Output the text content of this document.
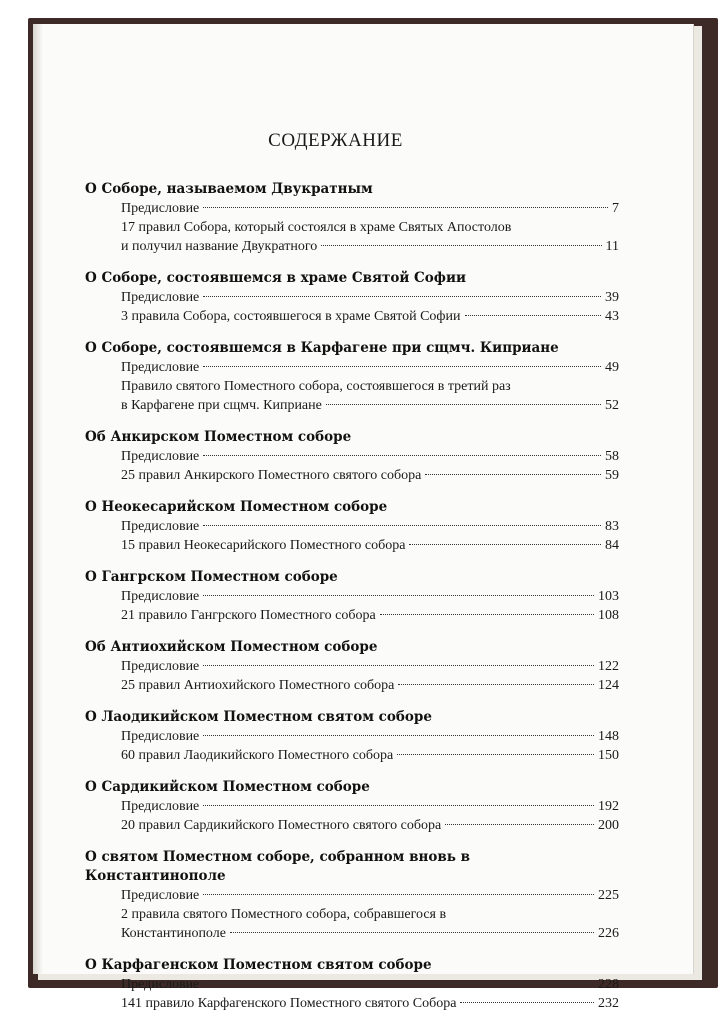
СОДЕРЖАНИЕ
О Соборе, называемом Двукратным
Предисловие	7
17 правил Собора, который состоялся в храме Святых Апостолов
и получил название Двукратного	11
О Соборе, состоявшемся в храме Святой Софии
Предисловие	39
3 правила Собора, состоявшегося в храме Святой Софии	43
О Соборе, состоявшемся в Карфагене при сщмч. Киприане
Предисловие	49
Правило святого Поместного собора, состоявшегося в третий раз
в Карфагене при сщмч. Киприане	52
Об Анкирском Поместном соборе
Предисловие	58
25 правил Анкирского Поместного святого собора	59
О Неокесарийском Поместном соборе
Предисловие	83
15 правил Неокесарийского Поместного собора	84
О Гангрском Поместном соборе
Предисловие	103
21 правило Гангрского Поместного собора	108
Об Антиохийском Поместном соборе
Предисловие	122
25 правил Антиохийского Поместного собора	124
О Лаодикийском Поместном святом соборе
Предисловие	148
60 правил Лаодикийского Поместного собора	150
О Сардикийском Поместном соборе
Предисловие	192
20 правил Сардикийского Поместного святого собора	200
О святом Поместном соборе, собранном вновь в Константинополе
Предисловие	225
2 правила святого Поместного собора, собравшегося в
Константинополе	226
О Карфагенском Поместном святом соборе
Предисловие	228
141 правило Карфагенского Поместного святого Собора	232
